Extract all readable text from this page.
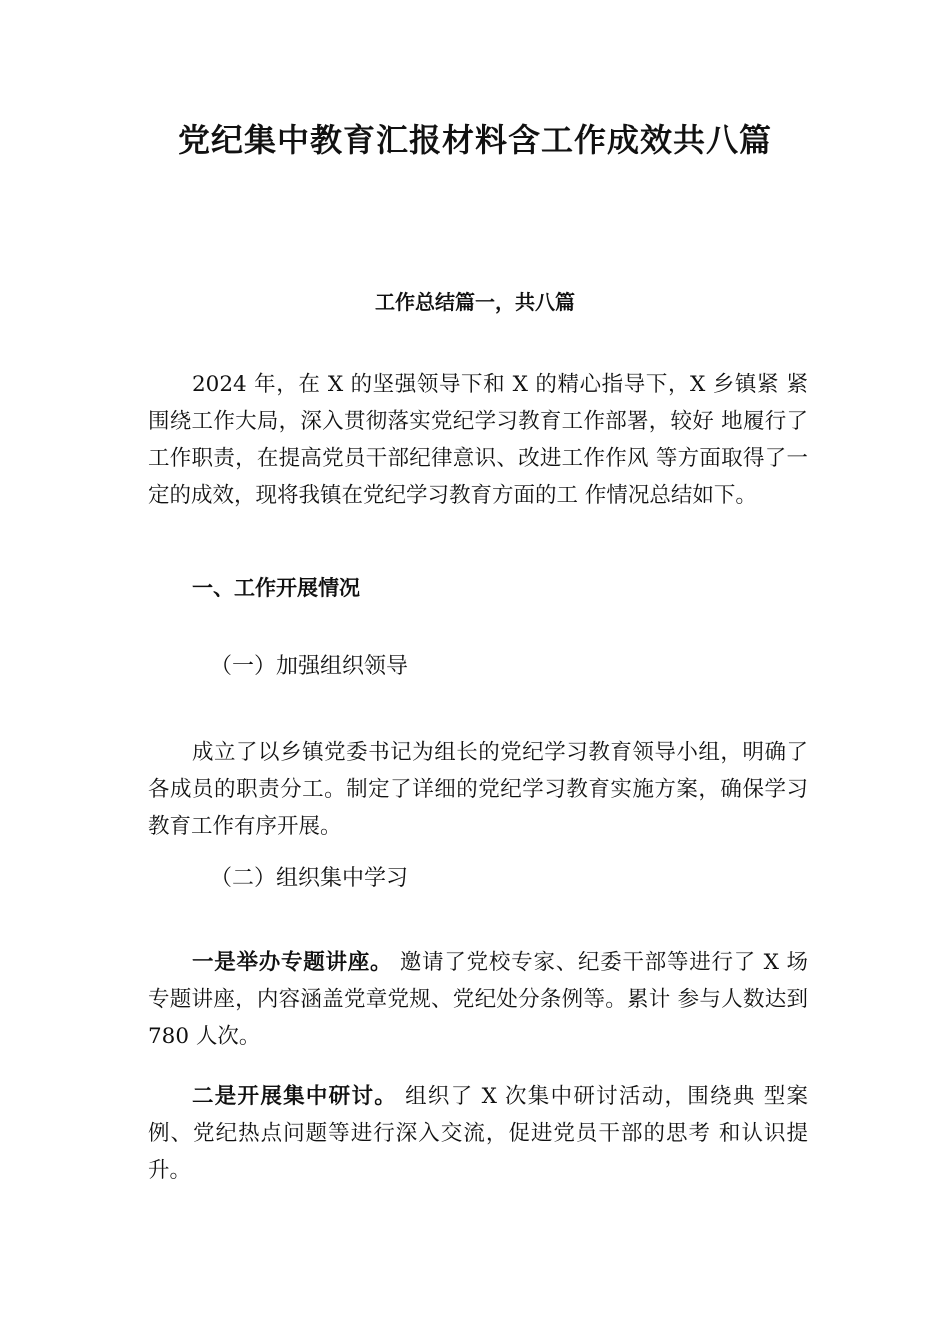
党纪集中教育汇报材料含工作成效共八篇
工作总结篇一，共八篇

2024 年，在 X 的坚强领导下和 X 的精心指导下，X 乡镇紧 紧围绕工作大局，深入贯彻落实党纪学习教育工作部署，较好 地履行了工作职责，在提高党员干部纪律意识、改进工作作风 等方面取得了一定的成效，现将我镇在党纪学习教育方面的工 作情况总结如下。

一、工作开展情况
（一）加强组织领导

成立了以乡镇党委书记为组长的党纪学习教育领导小组，明确了各成员的职责分工。制定了详细的党纪学习教育实施方案，确保学习教育工作有序开展。

（二）组织集中学习

一是举办专题讲座。 邀请了党校专家、纪委干部等进行了 X 场专题讲座，内容涵盖党章党规、党纪处分条例等。累计 参与人数达到 780 人次。

二是开展集中研讨。 组织了 X 次集中研讨活动，围绕典 型案例、党纪热点问题等进行深入交流，促进党员干部的思考 和认识提升。
